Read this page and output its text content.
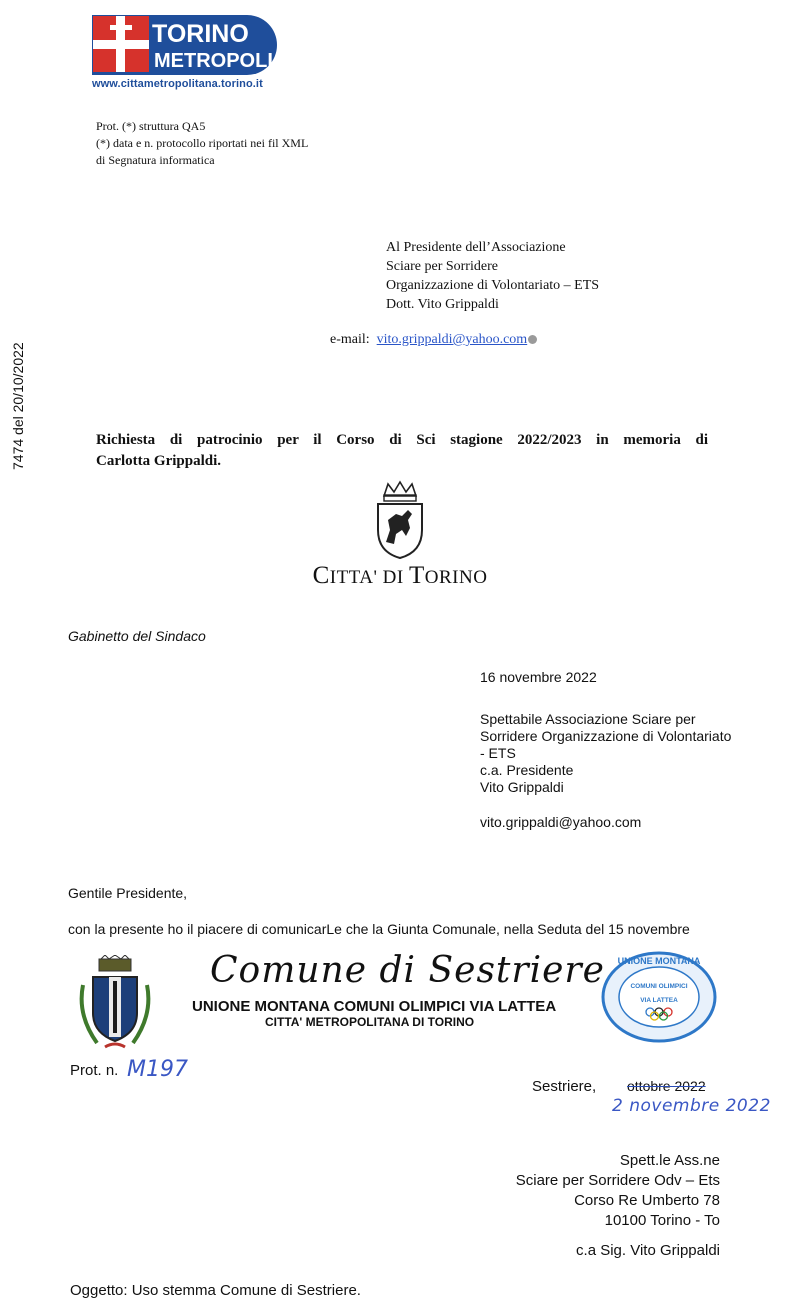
TORINO
METROPOLI
www.cittametropolitana.torino.it
Prot. (*) struttura QA5
(*) data e n. protocollo riportati nei fil XML
di Segnatura informatica
7474 del 20/10/2022
Al Presidente dell’Associazione
Sciare per Sorridere
Organizzazione di Volontariato – ETS
Dott. Vito Grippaldi
e-mail: vito.grippaldi@yahoo.com
Richiesta di patrocinio per il Corso di Sci stagione 2022/2023 in memoria di
Carlotta Grippaldi.
CITTA' DI TORINO
Gabinetto del Sindaco
16 novembre 2022
Spettabile Associazione Sciare per
Sorridere Organizzazione di Volontariato
- ETS
c.a. Presidente
Vito Grippaldi
vito.grippaldi@yahoo.com
Gentile Presidente,
con la presente ho il piacere di comunicarLe che la Giunta Comunale, nella Seduta del 15 novembre
Comune di Sestriere
UNIONE MONTANA COMUNI OLIMPICI VIA LATTEA
CITTA' METROPOLITANA DI TORINO
UNIONE MONTANA
COMUNI OLIMPICI
VIA LATTEA
Prot. n. M197
Sestriere, ottobre 2022
2 novembre 2022
Spett.le Ass.ne
Sciare per Sorridere Odv – Ets
Corso Re Umberto 78
10100 Torino - To
c.a Sig. Vito Grippaldi
Oggetto: Uso stemma Comune di Sestriere.
